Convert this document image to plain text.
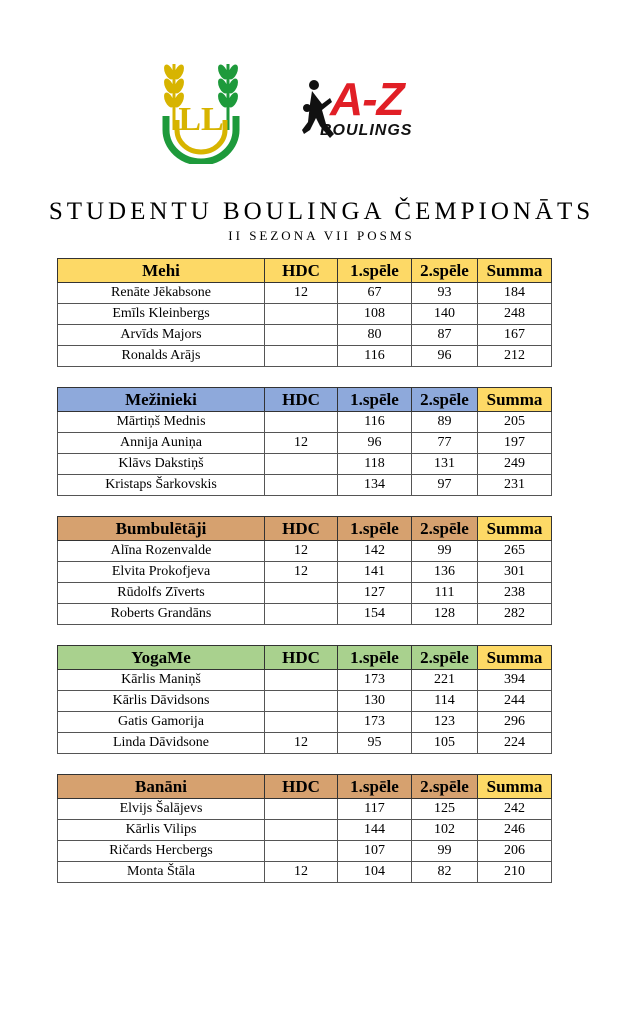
LL A-Z
BOULINGS
STUDENTU BOULINGA ČEMPIONĀTS
II SEZONA VII POSMS
Mehi	HDC	1.spēle	2.spēle	Summa
Renāte Jēkabsone	12	67	93	184
Emīls Kleinbergs		108	140	248
Arvīds Majors		80	87	167
Ronalds Arājs		116	96	212
Mežinieki	HDC	1.spēle	2.spēle	Summa
Mārtiņš Mednis		116	89	205
Annija Auniņa	12	96	77	197
Klāvs Dakstiņš		118	131	249
Kristaps Šarkovskis		134	97	231
Bumbulētāji	HDC	1.spēle	2.spēle	Summa
Alīna Rozenvalde	12	142	99	265
Elvita Prokofjeva	12	141	136	301
Rūdolfs Zīverts		127	111	238
Roberts Grandāns		154	128	282
YogaMe	HDC	1.spēle	2.spēle	Summa
Kārlis Maniņš		173	221	394
Kārlis Dāvidsons		130	114	244
Gatis Gamorija		173	123	296
Linda Dāvidsone	12	95	105	224
Banāni	HDC	1.spēle	2.spēle	Summa
Elvijs Šalājevs		117	125	242
Kārlis Vilips		144	102	246
Ričards Hercbergs		107	99	206
Monta Štāla	12	104	82	210
